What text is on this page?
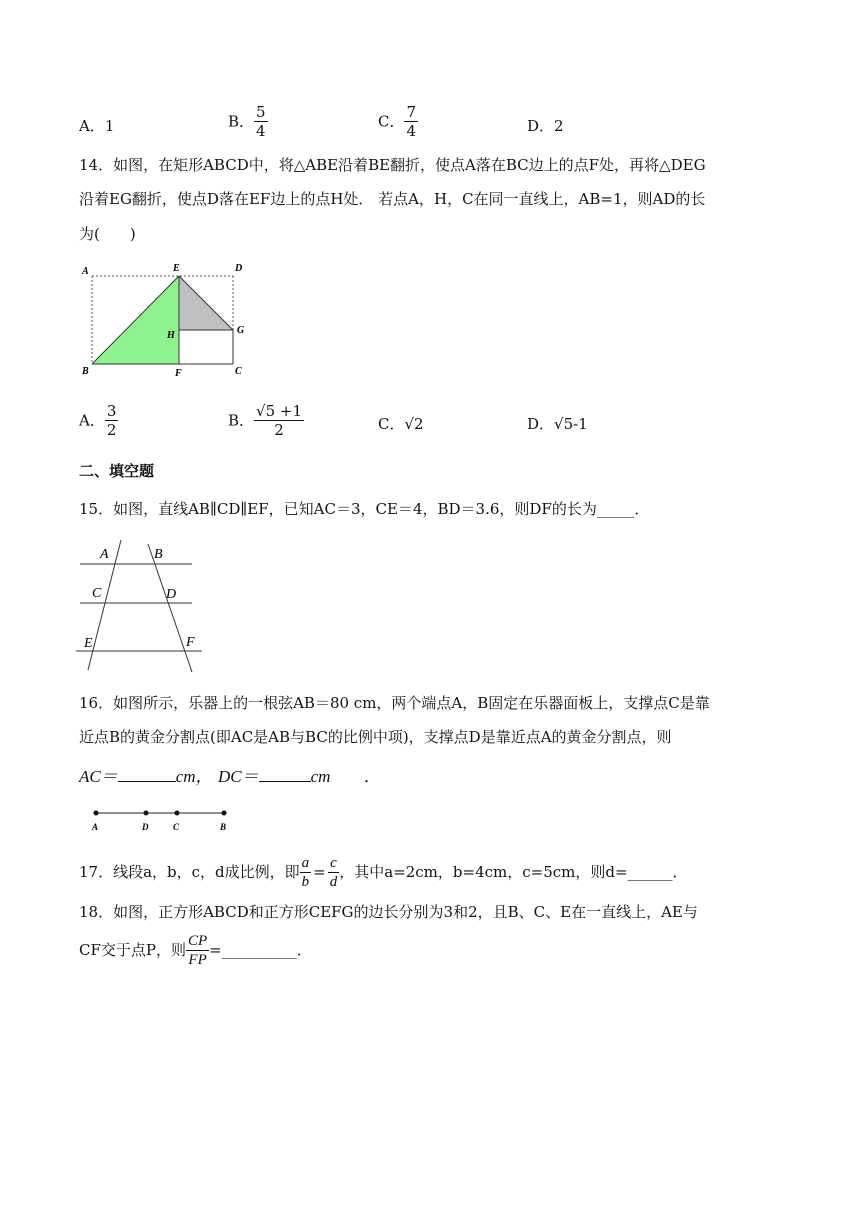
A．1	B． $\frac{5}{4}$	C． $\frac{7}{4}$	D．2
14．如图，在矩形ABCD中，将△ABE沿着BE翻折，使点A落在BC边上的点F处，再将△DEG
沿着EG翻折，使点D落在EF边上的点H处． 若点A，H，C在同一直线上，AB=1，则AD的长
为(　　)
A	E	D
G
H
B	F	C
A． $\frac{3}{2}$	B． $\frac{√5 +1}{2}$	C．√2	D．√5-1
二、填空题
15．如图，直线AB∥CD∥EF，已知AC＝3，CE＝4，BD＝3.6，则DF的长为_____．
A	B
C	D
E	F
16．如图所示，乐器上的一根弦AB＝80 cm，两个端点A，B固定在乐器面板上，支撑点C是靠
近点B的黄金分割点(即AC是AB与BC的比例中项)，支撑点D是靠近点A的黄金分割点，则
AC＝	cm， DC＝	cm ．
A	D	C	B
17．线段a，b，c，d成比例，即 $\frac{a}{b} = \frac{c}{d}$ ，其中a=2cm，b=4cm，c=5cm，则d=______．
18．如图，正方形ABCD和正方形CEFG的边长分别为3和2，且B、C、E在一直线上，AE与
CF交于点P，则 $\frac{CP}{FP}$ =__________．
